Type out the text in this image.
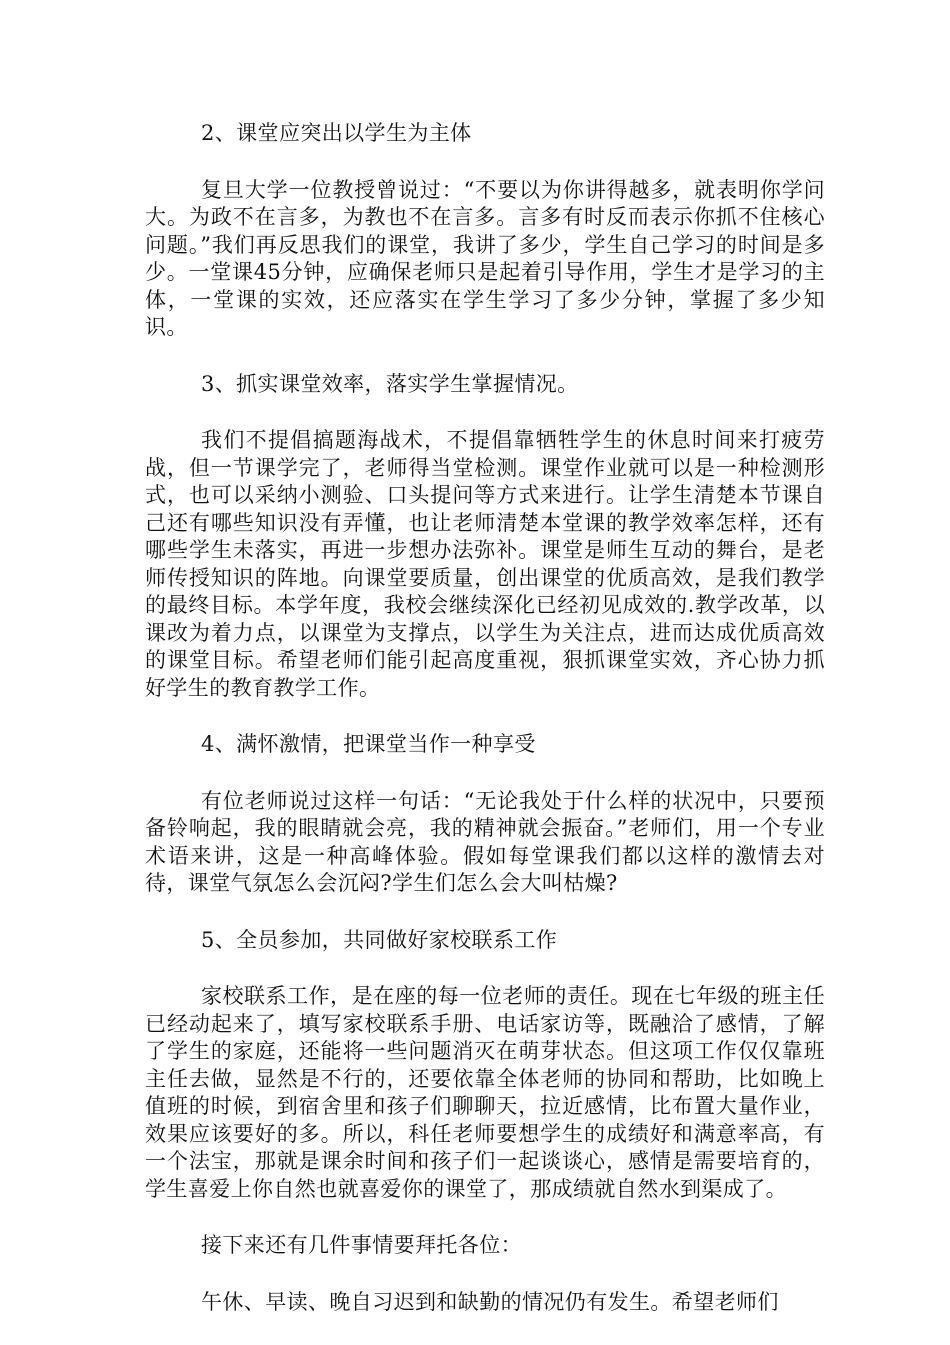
2、课堂应突出以学生为主体

复旦大学一位教授曾说过：“不要以为你讲得越多，就表明你学问大。为政不在言多，为教也不在言多。言多有时反而表示你抓不住核心问题。”我们再反思我们的课堂，我讲了多少，学生自己学习的时间是多少。一堂课45分钟，应确保老师只是起着引导作用，学生才是学习的主体，一堂课的实效，还应落实在学生学习了多少分钟，掌握了多少知识。

3、抓实课堂效率，落实学生掌握情况。

我们不提倡搞题海战术，不提倡靠牺牲学生的休息时间来打疲劳战，但一节课学完了，老师得当堂检测。课堂作业就可以是一种检测形式，也可以采纳小测验、口头提问等方式来进行。让学生清楚本节课自己还有哪些知识没有弄懂，也让老师清楚本堂课的教学效率怎样，还有哪些学生未落实，再进一步想办法弥补。课堂是师生互动的舞台，是老师传授知识的阵地。向课堂要质量，创出课堂的优质高效，是我们教学的最终目标。本学年度，我校会继续深化已经初见成效的.教学改革，以课改为着力点，以课堂为支撑点，以学生为关注点，进而达成优质高效的课堂目标。希望老师们能引起高度重视，狠抓课堂实效，齐心协力抓好学生的教育教学工作。

4、满怀激情，把课堂当作一种享受

有位老师说过这样一句话：“无论我处于什么样的状况中，只要预备铃响起，我的眼睛就会亮，我的精神就会振奋。”老师们，用一个专业术语来讲，这是一种高峰体验。假如每堂课我们都以这样的激情去对待，课堂气氛怎么会沉闷?学生们怎么会大叫枯燥?

5、全员参加，共同做好家校联系工作

家校联系工作，是在座的每一位老师的责任。现在七年级的班主任已经动起来了，填写家校联系手册、电话家访等，既融洽了感情，了解了学生的家庭，还能将一些问题消灭在萌芽状态。但这项工作仅仅靠班主任去做，显然是不行的，还要依靠全体老师的协同和帮助，比如晚上值班的时候，到宿舍里和孩子们聊聊天，拉近感情，比布置大量作业，效果应该要好的多。所以，科任老师要想学生的成绩好和满意率高，有一个法宝，那就是课余时间和孩子们一起谈谈心，感情是需要培育的，学生喜爱上你自然也就喜爱你的课堂了，那成绩就自然水到渠成了。

接下来还有几件事情要拜托各位：

午休、早读、晚自习迟到和缺勤的情况仍有发生。希望老师们
